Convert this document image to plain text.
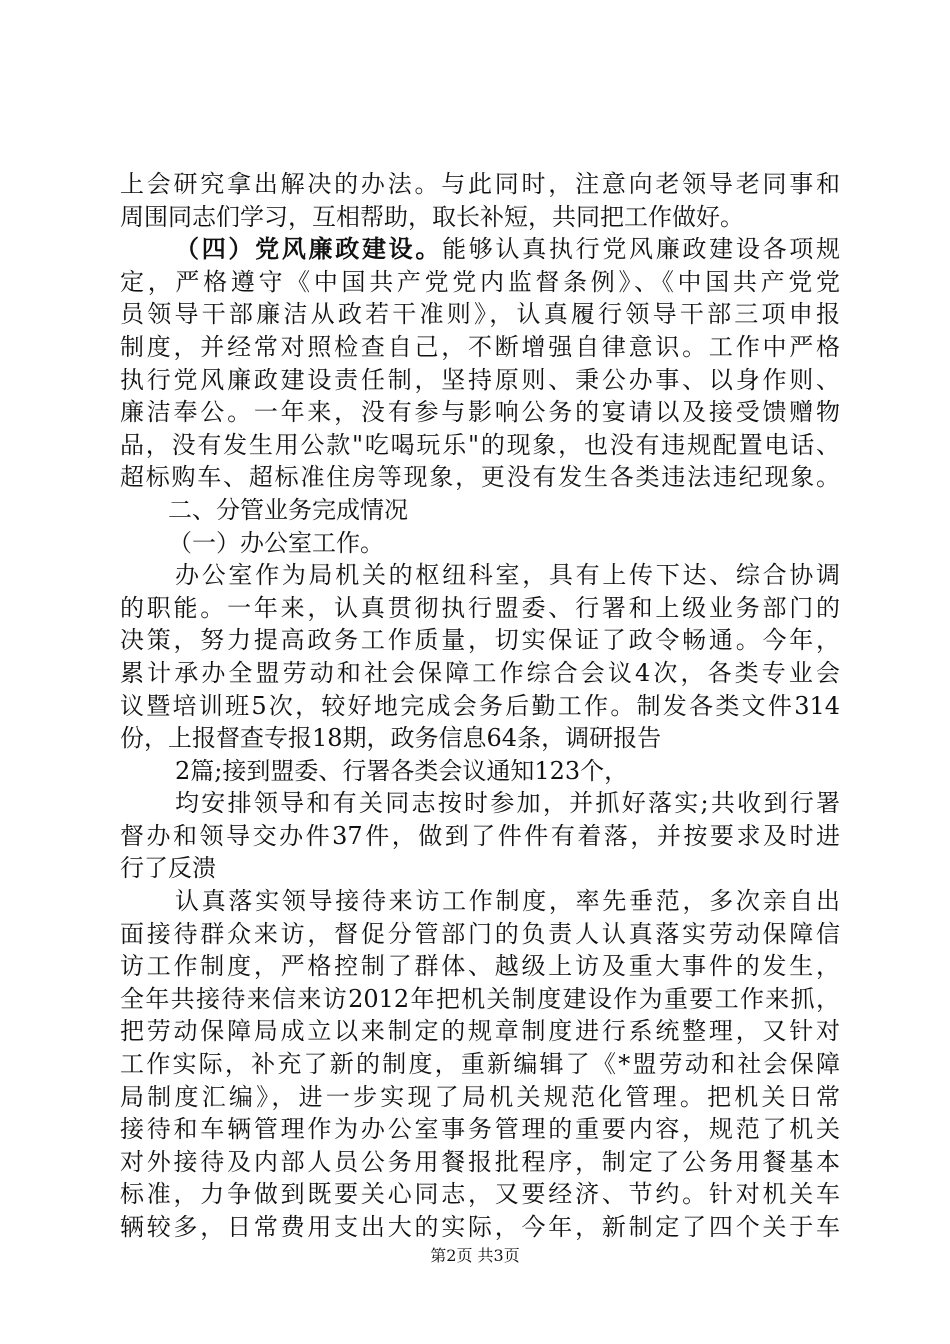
上会研究拿出解决的办法。与此同时，注意向老领导老同事和
周围同志们学习，互相帮助，取长补短，共同把工作做好。
（四）党风廉政建设。能够认真执行党风廉政建设各项规
定，严格遵守《中国共产党党内监督条例》、《中国共产党党
员领导干部廉洁从政若干准则》，认真履行领导干部三项申报
制度，并经常对照检查自己，不断增强自律意识。工作中严格
执行党风廉政建设责任制，坚持原则、秉公办事、以身作则、
廉洁奉公。一年来，没有参与影响公务的宴请以及接受馈赠物
品，没有发生用公款"吃喝玩乐"的现象，也没有违规配置电话、
超标购车、超标准住房等现象，更没有发生各类违法违纪现象。
二、分管业务完成情况
（一）办公室工作。
办公室作为局机关的枢纽科室，具有上传下达、综合协调
的职能。一年来，认真贯彻执行盟委、行署和上级业务部门的
决策，努力提高政务工作质量，切实保证了政令畅通。今年，
累计承办全盟劳动和社会保障工作综合会议4次，各类专业会
议暨培训班5次，较好地完成会务后勤工作。制发各类文件314
份，上报督查专报18期，政务信息64条，调研报告
2篇;接到盟委、行署各类会议通知123个，
均安排领导和有关同志按时参加，并抓好落实;共收到行署
督办和领导交办件37件，做到了件件有着落，并按要求及时进
行了反溃
认真落实领导接待来访工作制度，率先垂范，多次亲自出
面接待群众来访，督促分管部门的负责人认真落实劳动保障信
访工作制度，严格控制了群体、越级上访及重大事件的发生，
全年共接待来信来访2012年把机关制度建设作为重要工作来抓，
把劳动保障局成立以来制定的规章制度进行系统整理，又针对
工作实际，补充了新的制度，重新编辑了《*盟劳动和社会保障
局制度汇编》，进一步实现了局机关规范化管理。把机关日常
接待和车辆管理作为办公室事务管理的重要内容，规范了机关
对外接待及内部人员公务用餐报批程序，制定了公务用餐基本
标准，力争做到既要关心同志，又要经济、节约。针对机关车
辆较多，日常费用支出大的实际，今年，新制定了四个关于车
第2页 共3页
